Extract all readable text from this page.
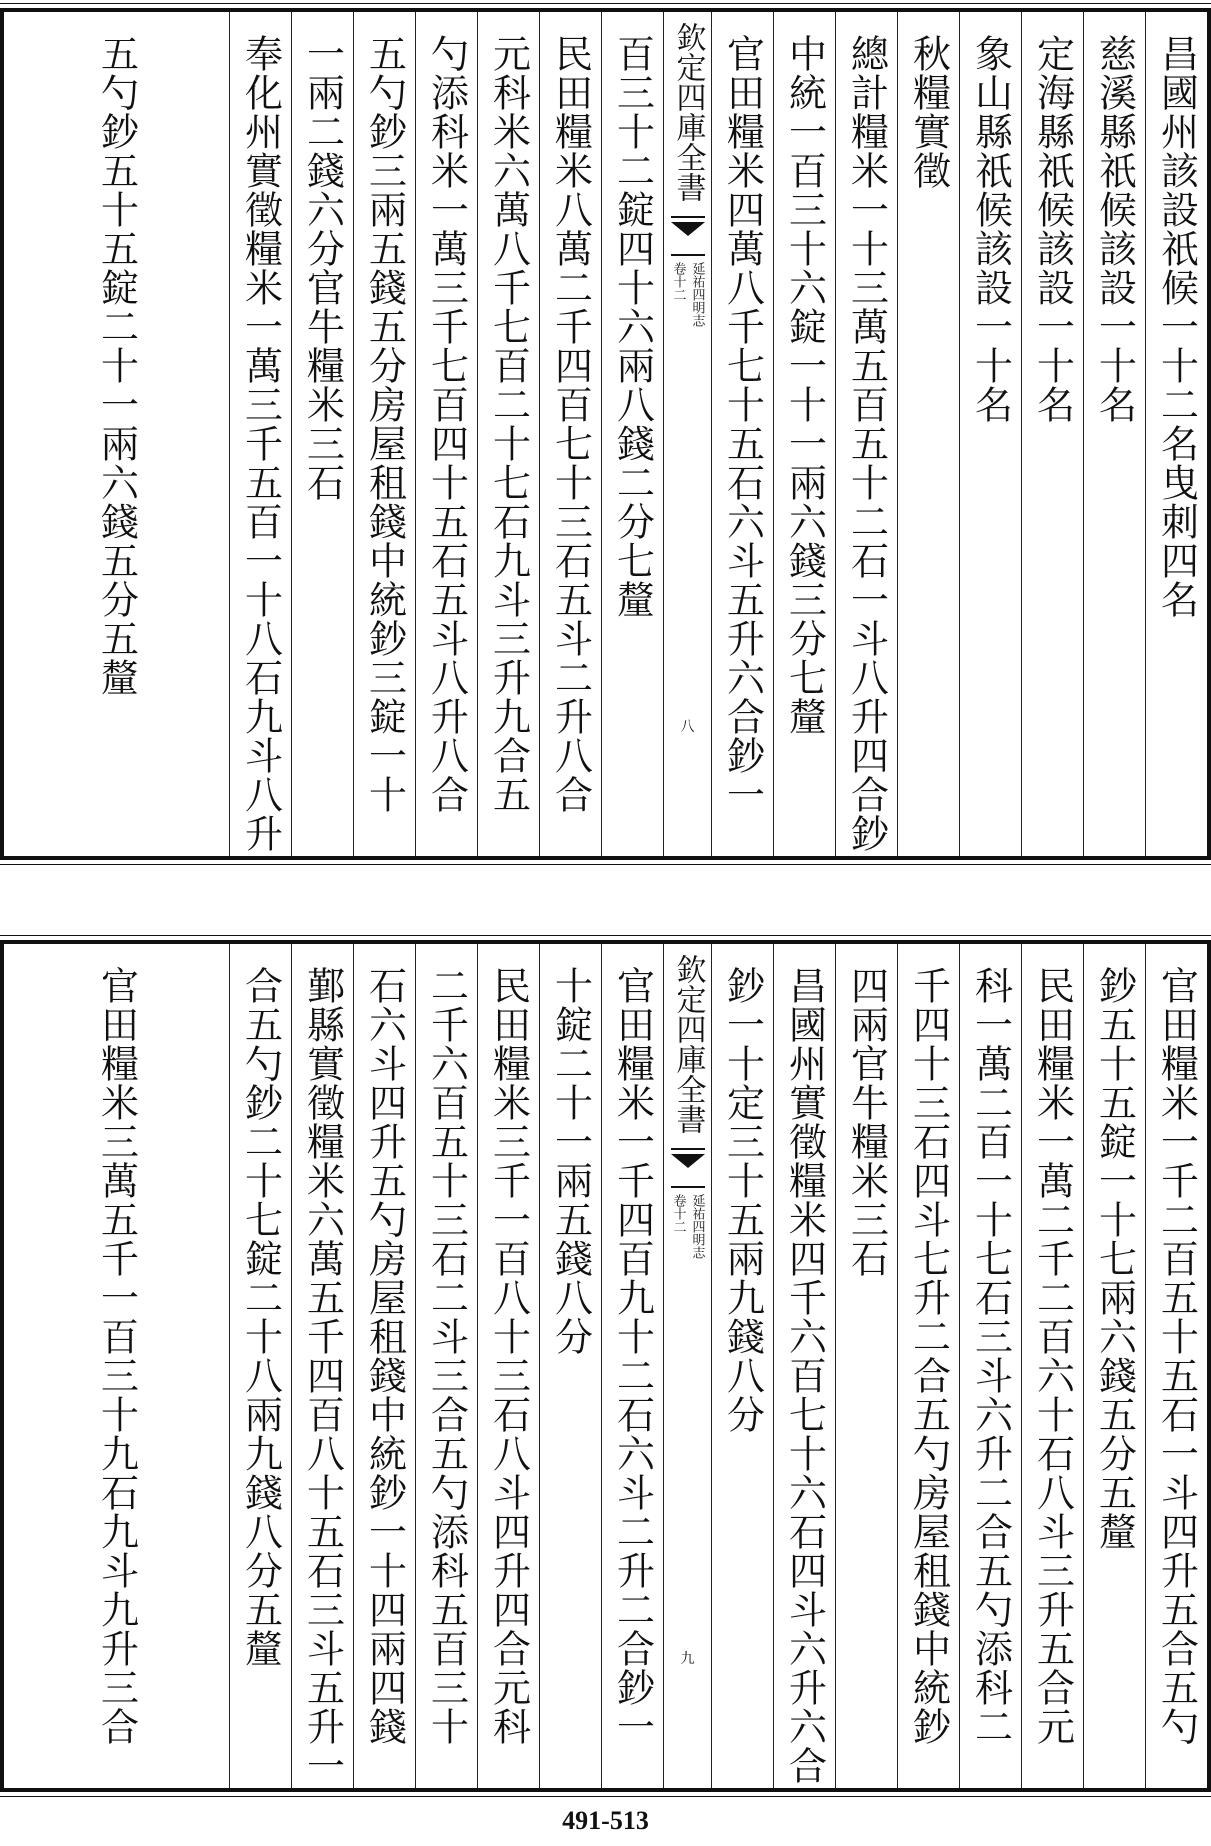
昌國州該設祇候一十二名曳刺四名
慈溪縣祇候該設一十名
定海縣祇候該設一十名
象山縣祇候該設一十名
秋糧實徵
總計糧米一十三萬五百五十二石一斗八升四合鈔
中統一百三十六錠一十一兩六錢三分七釐
官田糧米四萬八千七十五石六斗五升六合鈔一
欽定四庫全書
延祐四明志
卷十二
八
百三十二錠四十六兩八錢二分七釐
民田糧米八萬二千四百七十三石五斗二升八合
元科米六萬八千七百二十七石九斗三升九合五
勺添科米一萬三千七百四十五石五斗八升八合
五勺鈔三兩五錢五分房屋租錢中統鈔三錠一十
一兩二錢六分官牛糧米三石
奉化州實徵糧米一萬三千五百一十八石九斗八升
五勺鈔五十五錠二十一兩六錢五分五釐
官田糧米一千二百五十五石一斗四升五合五勺
鈔五十五錠一十七兩六錢五分五釐
民田糧米一萬二千二百六十石八斗三升五合元
科一萬二百一十七石三斗六升二合五勺添科二
千四十三石四斗七升二合五勺房屋租錢中統鈔
四兩官牛糧米三石
昌國州實徵糧米四千六百七十六石四斗六升六合
鈔一十定三十五兩九錢八分
欽定四庫全書
延祐四明志
卷十二
九
官田糧米一千四百九十二石六斗二升二合鈔一
十錠二十一兩五錢八分
民田糧米三千一百八十三石八斗四升四合元科
二千六百五十三石二斗三合五勺添科五百三十
石六斗四升五勺房屋租錢中統鈔一十四兩四錢
鄞縣實徵糧米六萬五千四百八十五石三斗五升一
合五勺鈔二十七錠二十八兩九錢八分五釐
官田糧米三萬五千一百三十九石九斗九升三合
491-513
